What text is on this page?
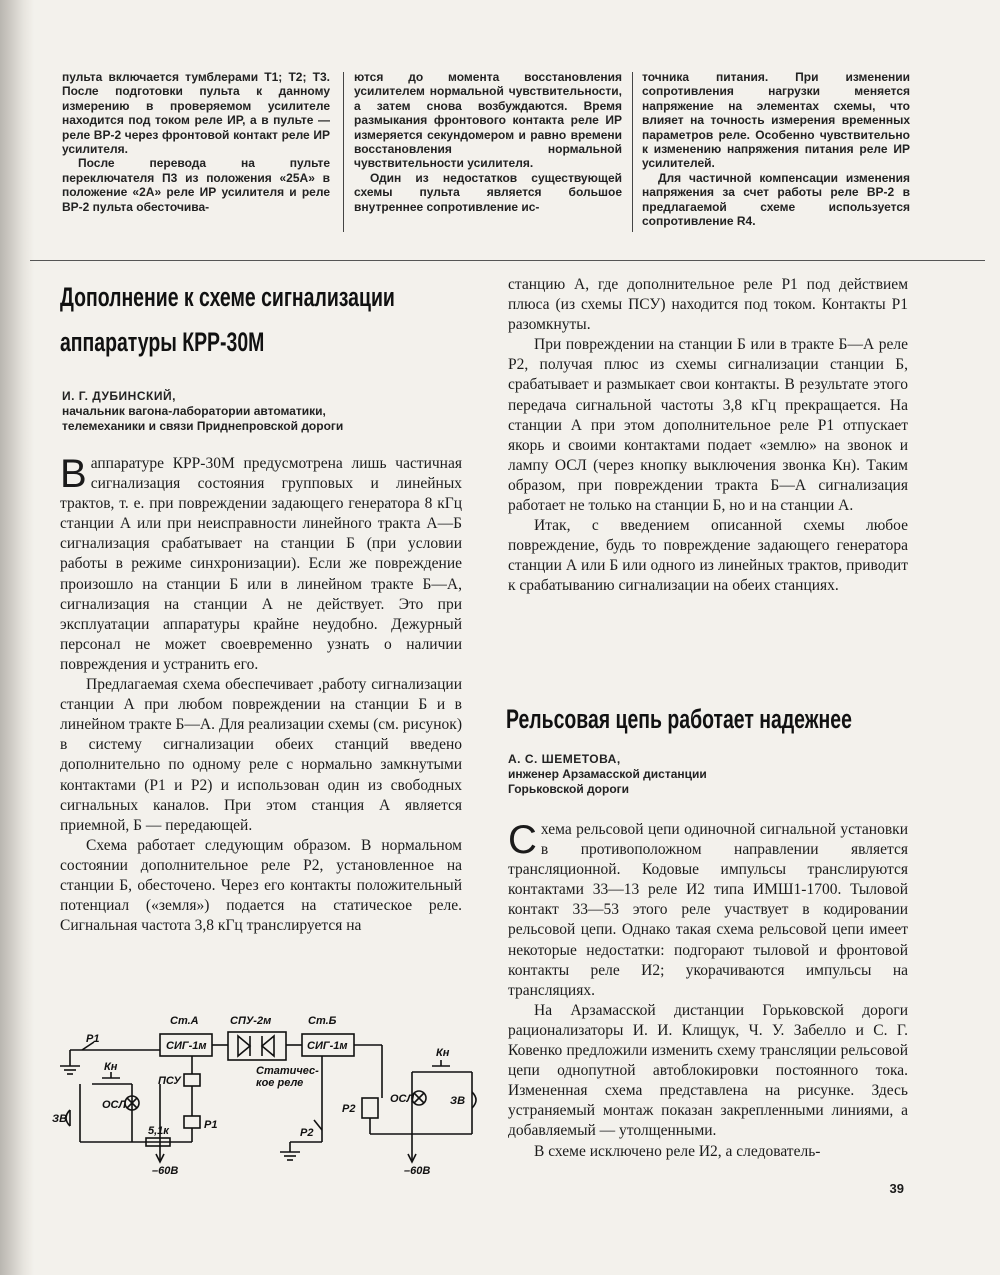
пульта включается тумблерами Т1; Т2; Т3. После подготовки пульта к данному измерению в проверяемом усилителе находится под током реле ИР, а в пульте — реле ВР-2 через фронтовой контакт реле ИР усилителя.

После перевода на пульте переключателя П3 из положения «25А» в положение «2А» реле ИР усилителя и реле ВР-2 пульта обесточива-

ются до момента восстановления усилителем нормальной чувствительности, а затем снова возбуждаются. Время размыкания фронтового контакта реле ИР измеряется секундомером и равно времени восстановления нормальной чувствительности усилителя.

Один из недостатков существующей схемы пульта является большое внутреннее сопротивление ис-

точника питания. При изменении сопротивления нагрузки меняется напряжение на элементах схемы, что влияет на точность измерения временных параметров реле. Особенно чувствительно к изменению напряжения питания реле ИР усилителей.

Для частичной компенсации изменения напряжения за счет работы реле ВР-2 в предлагаемой схеме используется сопротивление R4.

Дополнение к схеме сигнализации
аппаратуры КРР-30М
И. Г. ДУБИНСКИЙ,
начальник вагона-лаборатории автоматики,
телемеханики и связи Приднепровской дороги

Ваппаратуре КРР-30М предусмотрена лишь частичная сигнализация состояния групповых и линейных трактов, т. е. при повреждении задающего генератора 8 кГц станции А или при неисправности линейного тракта А—Б сигнализация срабатывает на станции Б (при условии работы в режиме синхронизации). Если же повреждение произошло на станции Б или в линейном тракте Б—А, сигнализация на станции А не действует. Это при эксплуатации аппаратуры крайне неудобно. Дежурный персонал не может своевременно узнать о наличии повреждения и устранить его.

Предлагаемая схема обеспечивает ,работу сигнализации станции А при любом повреждении на станции Б и в линейном тракте Б—А. Для реализации схемы (см. рисунок) в систему сигнализации обеих станций введено дополнительно по одному реле с нормально замкнутыми контактами (Р1 и Р2) и использован один из свободных сигнальных каналов. При этом станция А является приемной, Б — передающей.

Схема работает следующим образом. В нормальном состоянии дополнительное реле Р2, установленное на станции Б, обесточено. Через его контакты положительный потенциал («земля») подается на статическое реле. Сигнальная частота 3,8 кГц транслируется на

станцию А, где дополнительное реле Р1 под действием плюса (из схемы ПСУ) находится под током. Контакты Р1 разомкнуты.

При повреждении на станции Б или в тракте Б—А реле Р2, получая плюс из схемы сигнализации станции Б, срабатывает и размыкает свои контакты. В результате этого передача сигнальной частоты 3,8 кГц прекращается. На станции А при этом дополнительное реле Р1 отпускает якорь и своими контактами подает «землю» на звонок и лампу ОСЛ (через кнопку выключения звонка Кн). Таким образом, при повреждении тракта Б—А сигнализация работает не только на станции Б, но и на станции А.

Итак, с введением описанной схемы любое повреждение, будь то повреждение задающего генератора станции А или Б или одного из линейных трактов, приводит к срабатыванию сигнализации на обеих станциях.

Ст.А	СПУ-2м	Ст.Б
СИГ-1м	СИГ-1м
Р1
Кн
Кн
ЗВ
ЗВ
ОСЛ	ОСЛ
ПСУ
Р1
5,1к
–60В	–60В
Статичес-
кое реле
Р2
Р2
Рельсовая цепь работает надежнее
А. С. ШЕМЕТОВА,
инженер Арзамасской дистанции
Горьковской дороги

Схема рельсовой цепи одиночной сигнальной установки в противоположном направлении является трансляционной. Кодовые импульсы транслируются контактами 33—13 реле И2 типа ИМШ1-1700. Тыловой контакт 33—53 этого реле участвует в кодировании рельсовой цепи. Однако такая схема рельсовой цепи имеет некоторые недостатки: подгорают тыловой и фронтовой контакты реле И2; укорачиваются импульсы на трансляциях.

На Арзамасской дистанции Горьковской дороги рационализаторы И. И. Клищук, Ч. У. Забелло и С. Г. Ковенко предложили изменить схему трансляции рельсовой цепи однопутной автоблокировки постоянного тока. Измененная схема представлена на рисунке. Здесь устраняемый монтаж показан закрепленными линиями, а добавляемый — утолщенными.

В схеме исключено реле И2, а следователь-

39
